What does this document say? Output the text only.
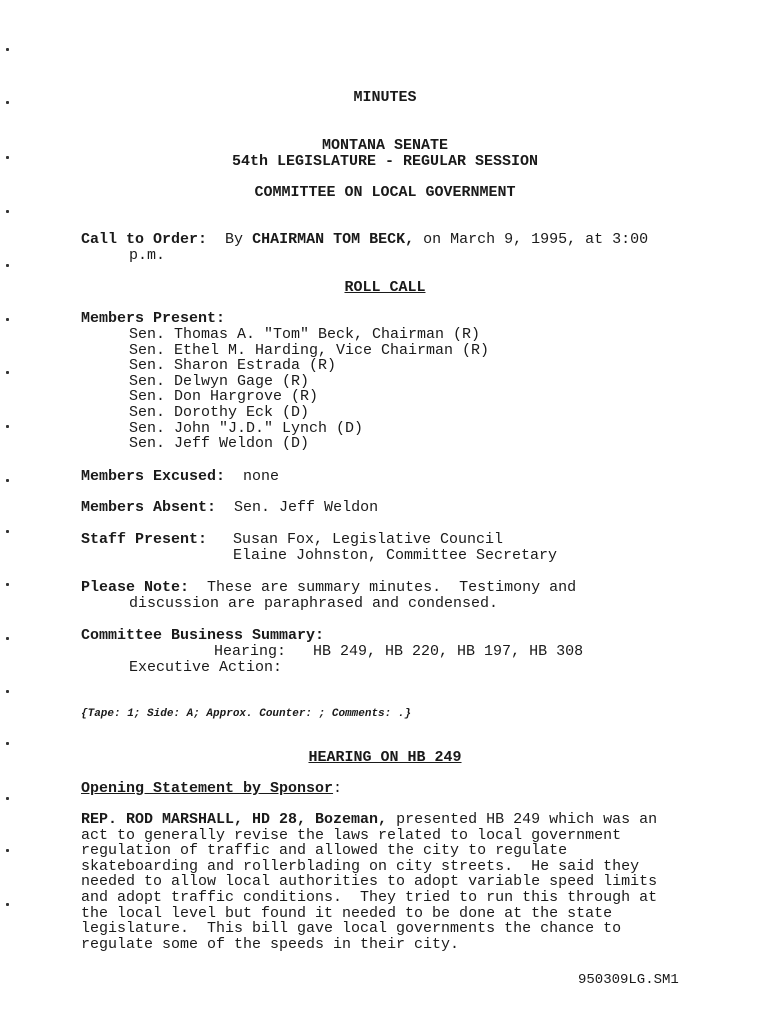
MINUTES
MONTANA SENATE
54th LEGISLATURE - REGULAR SESSION
COMMITTEE ON LOCAL GOVERNMENT
Call to Order: By CHAIRMAN TOM BECK, on March 9, 1995, at 3:00
p.m.
ROLL CALL
Members Present:
Sen. Thomas A. "Tom" Beck, Chairman (R)
Sen. Ethel M. Harding, Vice Chairman (R)
Sen. Sharon Estrada (R)
Sen. Delwyn Gage (R)
Sen. Don Hargrove (R)
Sen. Dorothy Eck (D)
Sen. John "J.D." Lynch (D)
Sen. Jeff Weldon (D)
Members Excused: none
Members Absent: Sen. Jeff Weldon
Staff Present: Susan Fox, Legislative Council
Elaine Johnston, Committee Secretary
Please Note: These are summary minutes.  Testimony and
discussion are paraphrased and condensed.
Committee Business Summary:
Hearing: HB 249, HB 220, HB 197, HB 308
Executive Action:
{Tape: 1; Side: A; Approx. Counter: ; Comments: .}
HEARING ON HB 249
Opening Statement by Sponsor:
REP. ROD MARSHALL, HD 28, Bozeman, presented HB 249 which was an
act to generally revise the laws related to local government
regulation of traffic and allowed the city to regulate
skateboarding and rollerblading on city streets.  He said they
needed to allow local authorities to adopt variable speed limits
and adopt traffic conditions.  They tried to run this through at
the local level but found it needed to be done at the state
legislature.  This bill gave local governments the chance to
regulate some of the speeds in their city.
950309LG.SM1
